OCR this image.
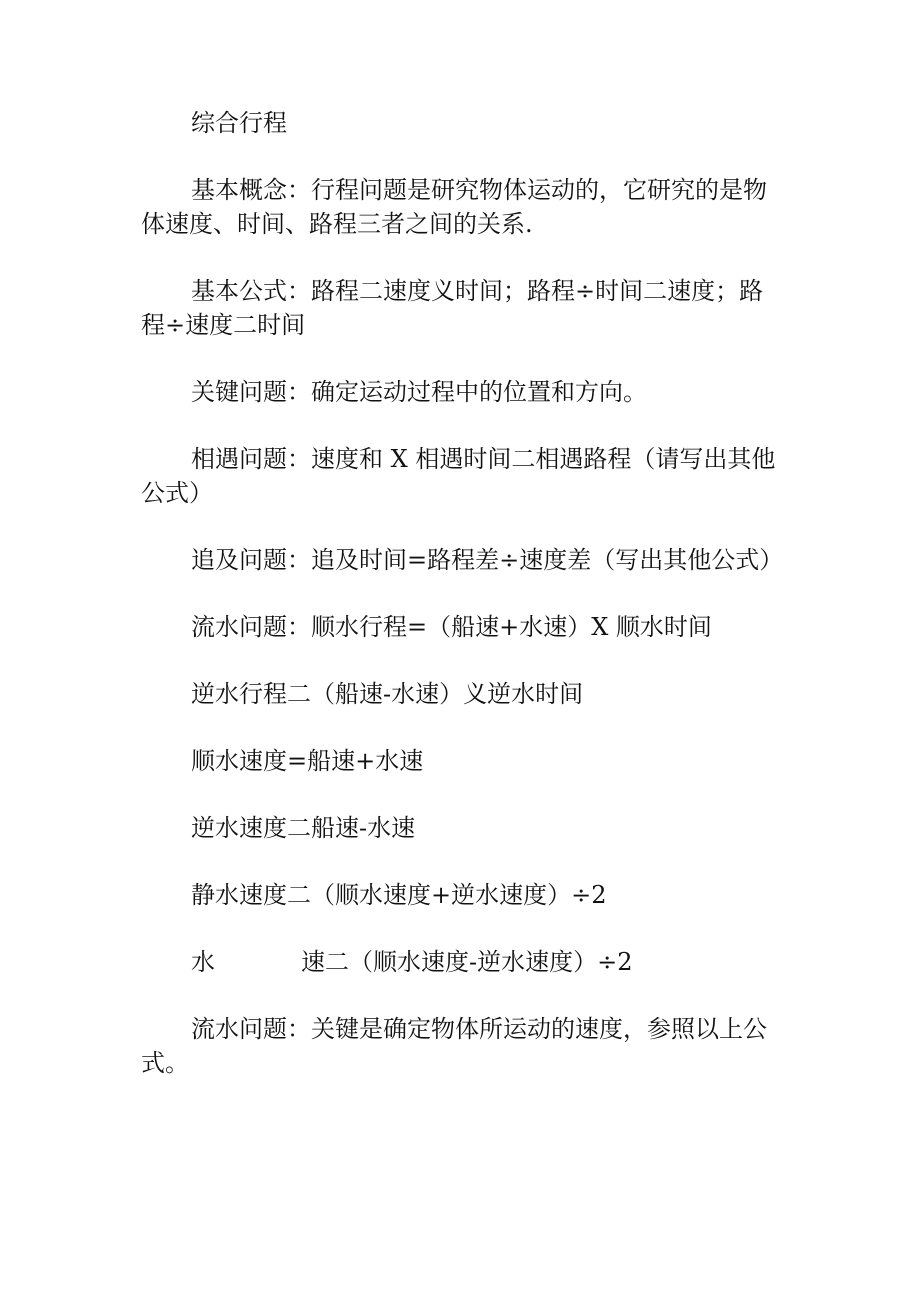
综合行程

基本概念：行程问题是研究物体运动的，它研究的是物体速度、时间、路程三者之间的关系.

基本公式：路程二速度义时间；路程÷时间二速度；路程÷速度二时间

关键问题：确定运动过程中的位置和方向。

相遇问题：速度和 X 相遇时间二相遇路程（请写出其他公式）

追及问题：追及时间=路程差÷速度差（写出其他公式）

流水问题：顺水行程=（船速+水速）X 顺水时间

逆水行程二（船速-水速）义逆水时间

顺水速度=船速+水速

逆水速度二船速-水速

静水速度二（顺水速度+逆水速度）÷2

水	速二（顺水速度-逆水速度）÷2

流水问题：关键是确定物体所运动的速度，参照以上公式。
